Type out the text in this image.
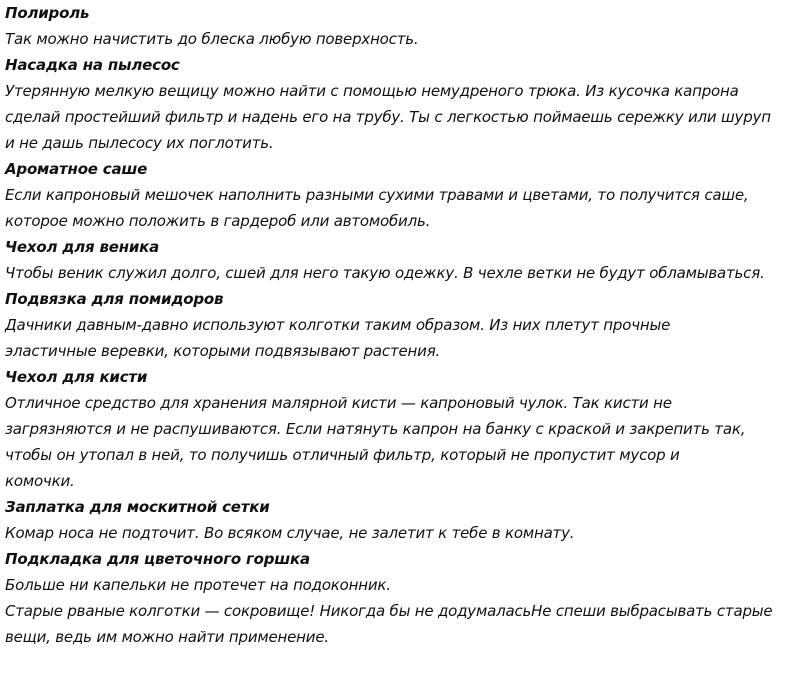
Полироль
Так можно начистить до блеска любую поверхность.
Насадка на пылесос
Утерянную мелкую вещицу можно найти с помощью немудреного трюка. Из кусочка капрона
сделай простейший фильтр и надень его на трубу. Ты с легкостью поймаешь сережку или шуруп
и не дашь пылесосу их поглотить.
Ароматное саше
Если капроновый мешочек наполнить разными сухими травами и цветами, то получится саше,
которое можно положить в гардероб или автомобиль.
Чехол для веника
Чтобы веник служил долго, сшей для него такую одежку. В чехле ветки не будут обламываться.
Подвязка для помидоров
Дачники давным-давно используют колготки таким образом. Из них плетут прочные
эластичные веревки, которыми подвязывают растения.
Чехол для кисти
Отличное средство для хранения малярной кисти — капроновый чулок. Так кисти не
загрязняются и не распушиваются. Если натянуть капрон на банку с краской и закрепить так,
чтобы он утопал в ней, то получишь отличный фильтр, который не пропустит мусор и
комочки.
Заплатка для москитной сетки
Комар носа не подточит. Во всяком случае, не залетит к тебе в комнату.
Подкладка для цветочного горшка
Больше ни капельки не протечет на подоконник.
Старые рваные колготки — сокровище! Никогда бы не додумаласьНе спеши выбрасывать старые
вещи, ведь им можно найти применение.
